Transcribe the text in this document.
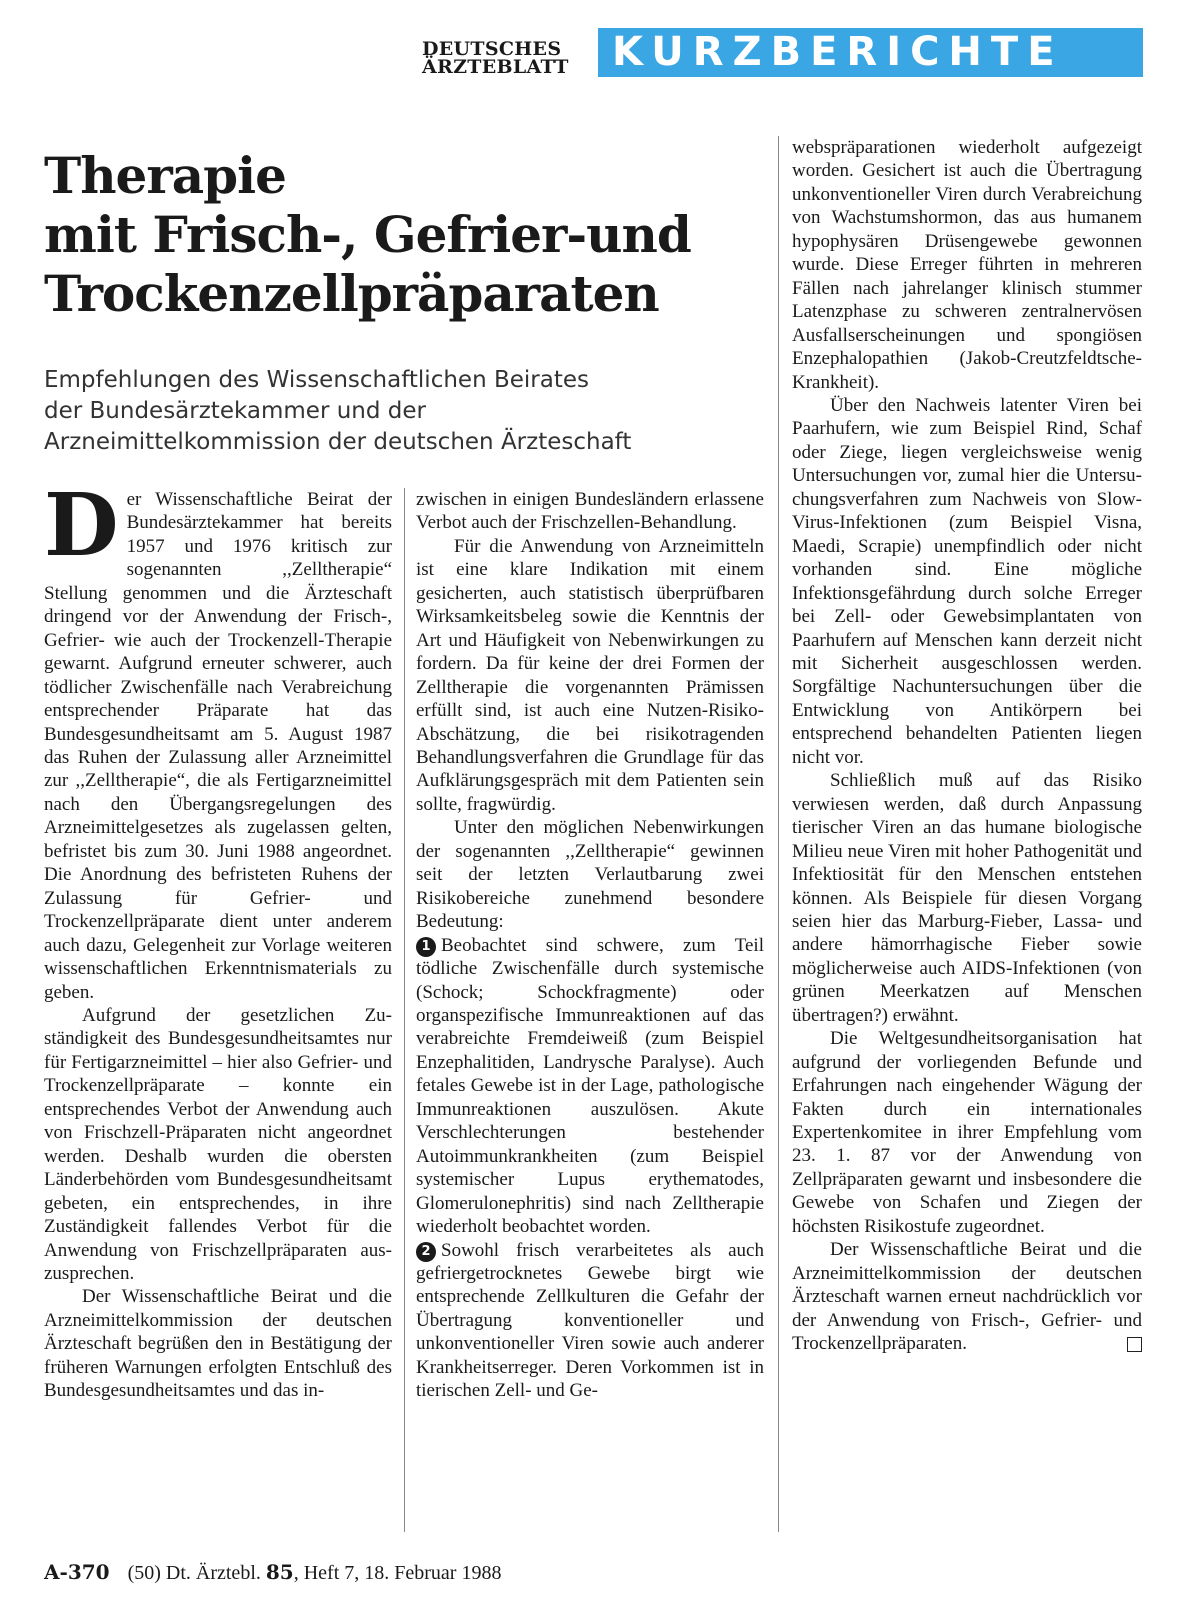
DEUTSCHES
ÄRZTEBLATT	KURZBERICHTE
Therapie
mit Frisch-, Gefrier-und
Trockenzellpräparaten
Empfehlungen des Wissenschaftlichen Beirates
der Bundesärztekammer und der
Arzneimittelkommission der deutschen Ärzteschaft

Der Wissenschaftliche Beirat der Bundesärztekammer hat bereits 1957 und 1976 kritisch zur sogenannten ,,Zelltherapie“ Stellung genommen und die Ärzteschaft dringend vor der Anwendung der Frisch-, Gefrier- wie auch der Trockenzell-Therapie gewarnt. Aufgrund erneuter schwerer, auch tödlicher Zwischenfälle nach Verabreichung entsprechender Präparate hat das Bundesgesundheitsamt am 5. August 1987 das Ruhen der Zulassung aller Arzneimittel zur ,,Zelltherapie“, die als Fertigarzneimittel nach den Übergangsregelungen des Arzneimittelgesetzes als zugelassen gelten, befristet bis zum 30. Juni 1988 angeordnet. Die Anordnung des befristeten Ruhens der Zulassung für Gefrier- und Trockenzellpräparate dient unter anderem auch dazu, Gelegenheit zur Vorlage weiteren wissenschaftlichen Erkenntnismaterials zu geben.

Aufgrund der gesetzlichen Zuständigkeit des Bundesgesundheitsamtes nur für Fertigarzneimittel – hier also Gefrier- und Trockenzellpräparate – konnte ein entsprechendes Verbot der Anwendung auch von Frischzell-Präparaten nicht angeordnet werden. Deshalb wurden die obersten Länderbehörden vom Bundesgesundheitsamt gebeten, ein entsprechendes, in ihre Zuständigkeit fallendes Verbot für die Anwendung von Frischzellpräparaten auszusprechen.

Der Wissenschaftliche Beirat und die Arzneimittelkommission der deutschen Ärzteschaft begrüßen den in Bestätigung der früheren Warnungen erfolgten Entschluß des Bundesgesundheitsamtes und das in-

zwischen in einigen Bundesländern erlassene Verbot auch der Frischzellen-Behandlung.

Für die Anwendung von Arzneimitteln ist eine klare Indikation mit einem gesicherten, auch statistisch überprüfbaren Wirksamkeitsbeleg sowie die Kenntnis der Art und Häufigkeit von Nebenwirkungen zu fordern. Da für keine der drei Formen der Zelltherapie die vorgenannten Prämissen erfüllt sind, ist auch eine Nutzen-Risiko-Abschätzung, die bei risikotragenden Behandlungsverfahren die Grundlage für das Aufklärungsgespräch mit dem Patienten sein sollte, fragwürdig.

Unter den möglichen Nebenwirkungen der sogenannten ,,Zelltherapie“ gewinnen seit der letzten Verlautbarung zwei Risikobereiche zunehmend besondere Bedeutung:

1 Beobachtet sind schwere, zum Teil tödliche Zwischenfälle durch systemische (Schock; Schockfragmente) oder organspezifische Immunreaktionen auf das verabreichte Fremdeiweiß (zum Beispiel Enzephalitiden, Landrysche Paralyse). Auch fetales Gewebe ist in der Lage, pathologische Immunreaktionen auszulösen. Akute Verschlechterungen bestehender Autoimmunkrankheiten (zum Beispiel systemischer Lupus erythematodes, Glomerulonephritis) sind nach Zelltherapie wiederholt beobachtet worden.

2 Sowohl frisch verarbeitetes als auch gefriergetrocknetes Gewebe birgt wie entsprechende Zellkulturen die Gefahr der Übertragung konventioneller und unkonventioneller Viren sowie auch anderer Krankheitserreger. Deren Vorkommen ist in tierischen Zell- und Ge-

webspräparationen wiederholt aufgezeigt worden. Gesichert ist auch die Übertragung unkonventioneller Viren durch Verabreichung von Wachstumshormon, das aus humanem hypophysären Drüsengewebe gewonnen wurde. Diese Erreger führten in mehreren Fällen nach jahrelanger klinisch stummer Latenzphase zu schweren zentralnervösen Ausfallserscheinungen und spongiösen Enzephalopathien (Jakob-Creutzfeldtsche-Krankheit).

Über den Nachweis latenter Viren bei Paarhufern, wie zum Beispiel Rind, Schaf oder Ziege, liegen vergleichsweise wenig Untersuchungen vor, zumal hier die Untersuchungsverfahren zum Nachweis von Slow-Virus-Infektionen (zum Beispiel Visna, Maedi, Scrapie) unempfindlich oder nicht vorhanden sind. Eine mögliche Infektionsgefährdung durch solche Erreger bei Zell- oder Gewebsimplantaten von Paarhufern auf Menschen kann derzeit nicht mit Sicherheit ausgeschlossen werden. Sorgfältige Nachuntersuchungen über die Entwicklung von Antikörpern bei entsprechend behandelten Patienten liegen nicht vor.

Schließlich muß auf das Risiko verwiesen werden, daß durch Anpassung tierischer Viren an das humane biologische Milieu neue Viren mit hoher Pathogenität und Infektiosität für den Menschen entstehen können. Als Beispiele für diesen Vorgang seien hier das Marburg-Fieber, Lassa- und andere hämorrhagische Fieber sowie möglicherweise auch AIDS-Infektionen (von grünen Meerkatzen auf Menschen übertragen?) erwähnt.

Die Weltgesundheitsorganisation hat aufgrund der vorliegenden Befunde und Erfahrungen nach eingehender Wägung der Fakten durch ein internationales Expertenkomitee in ihrer Empfehlung vom 23. 1. 87 vor der Anwendung von Zellpräparaten gewarnt und insbesondere die Gewebe von Schafen und Ziegen der höchsten Risikostufe zugeordnet.

Der Wissenschaftliche Beirat und die Arzneimittelkommission der deutschen Ärzteschaft warnen erneut nachdrücklich vor der Anwendung von Frisch-, Gefrier- und Trockenzellpräparaten.

A-370 (50) Dt. Ärztebl. 85, Heft 7, 18. Februar 1988
